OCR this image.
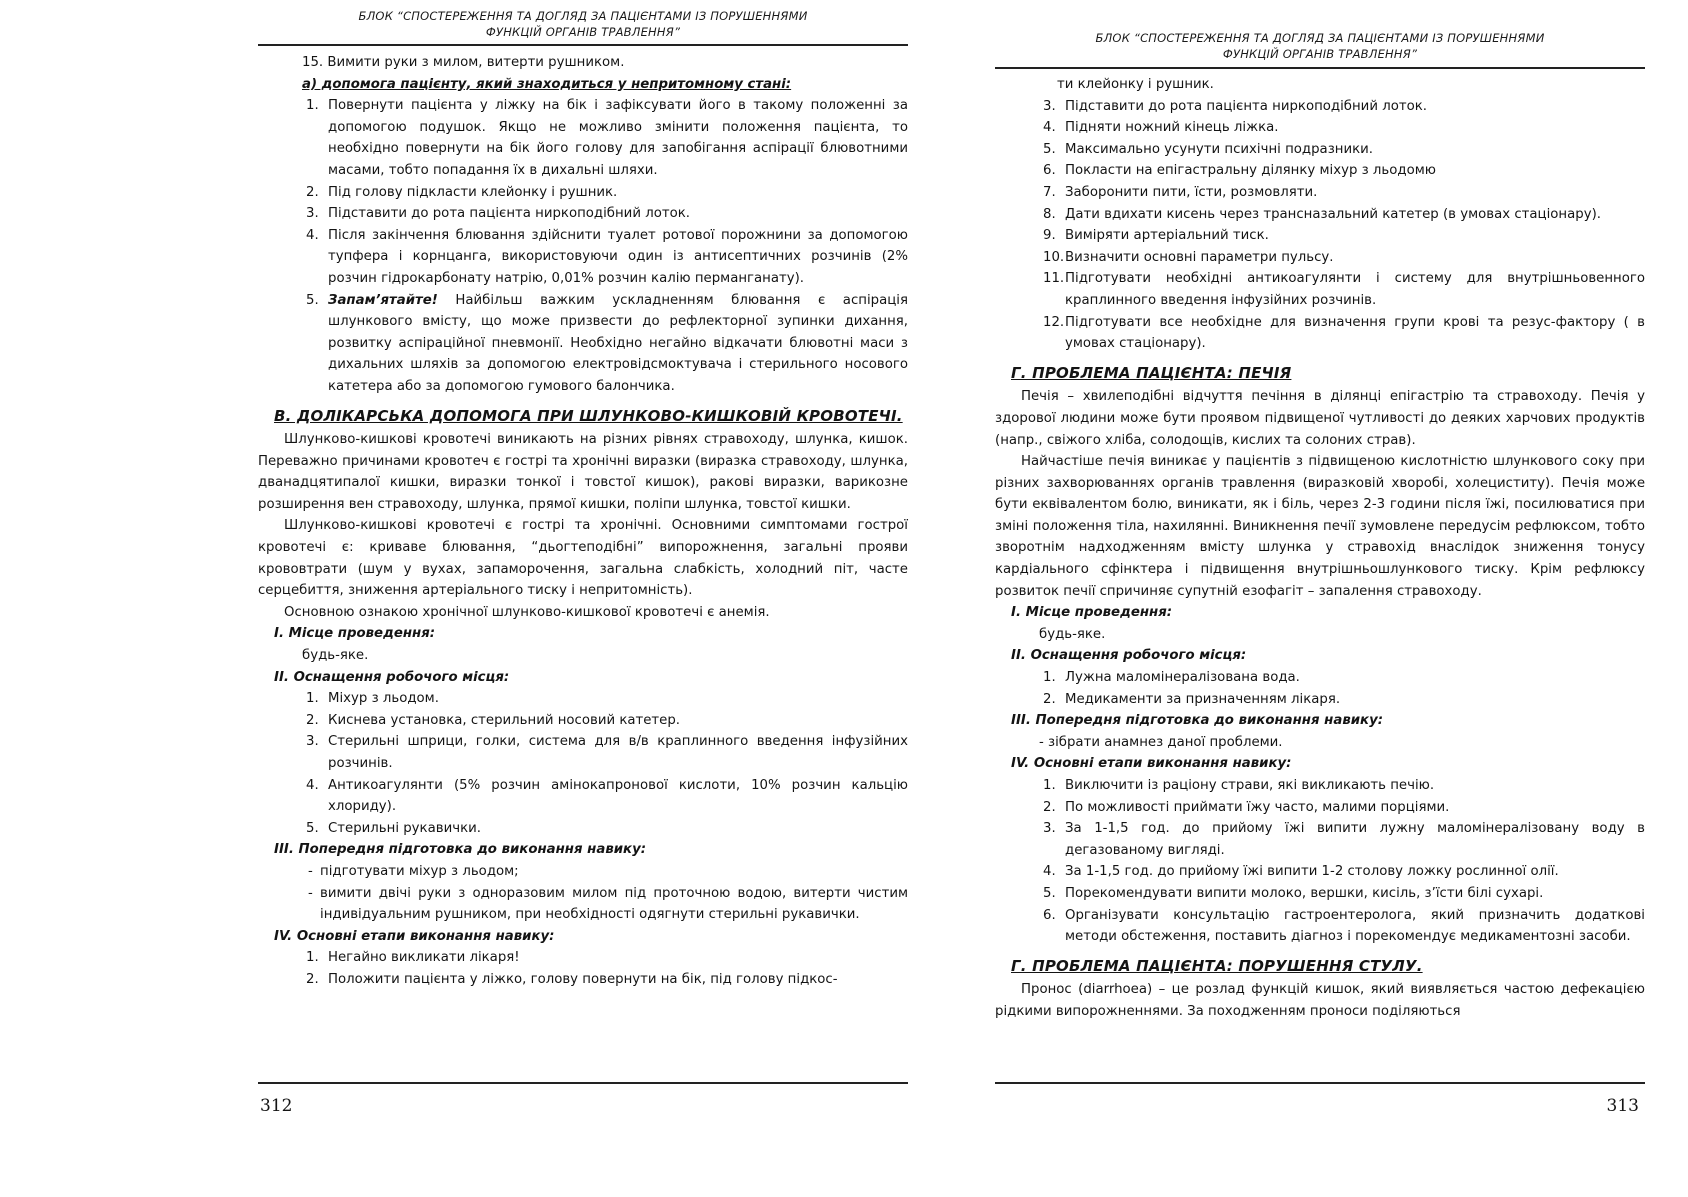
БЛОК “СПОСТЕРЕЖЕННЯ ТА ДОГЛЯД ЗА ПАЦІЄНТАМИ ІЗ ПОРУШЕННЯМИ
ФУНКЦІЙ ОРГАНІВ ТРАВЛЕННЯ”

15. Вимити руки з милом, витерти рушником.

а) допомога пацієнту, який знаходиться у непритомному стані:

1. Повернути пацієнта у ліжку на бік і зафіксувати його в такому положенні за допомогою подушок. Якщо не можливо змінити положення пацієнта, то необхідно повернути на бік його голову для запобігання аспірації блювотними масами, тобто попадання їх в дихальні шляхи.
2. Під голову підкласти клейонку і рушник.
3. Підставити до рота пацієнта ниркоподібний лоток.
4. Після закінчення блювання здійснити туалет ротової порожнини за допомогою тупфера і корнцанга, використовуючи один із антисептичних розчинів (2% розчин гідрокарбонату натрію, 0,01% розчин калію перманганату).
5. Запам’ятайте! Найбільш важким ускладненням блювання є аспірація шлункового вмісту, що може призвести до рефлекторної зупинки дихання, розвитку аспіраційної пневмонії. Необхідно негайно відкачати блювотні маси з дихальних шляхів за допомогою електровідсмоктувача і стерильного носового катетера або за допомогою гумового балончика.

В. ДОЛІКАРСЬКА ДОПОМОГА ПРИ ШЛУНКОВО-КИШКОВІЙ КРОВОТЕЧІ.

Шлунково-кишкові кровотечі виникають на різних рівнях стравоходу, шлунка, кишок. Переважно причинами кровотеч є гострі та хронічні виразки (виразка стравоходу, шлунка, дванадцятипалої кишки, виразки тонкої і товстої кишок), ракові виразки, варикозне розширення вен стравоходу, шлунка, прямої кишки, поліпи шлунка, товстої кишки.

Шлунково-кишкові кровотечі є гострі та хронічні. Основними симптомами гострої кровотечі є: криваве блювання, “дьогтеподібні” випорожнення, загальні прояви крововтрати (шум у вухах, запаморочення, загальна слабкість, холодний піт, часте серцебиття, зниження артеріального тиску і непритомність).

Основною ознакою хронічної шлунково-кишкової кровотечі є анемія.

І. Місце проведення:

будь-яке.

ІІ. Оснащення робочого місця:

1. Міхур з льодом.
2. Киснева установка, стерильний носовий катетер.
3. Стерильні шприци, голки, система для в/в краплинного введення інфузійних розчинів.
4. Антикоагулянти (5% розчин амінокапронової кислоти, 10% розчин кальцію хлориду).
5. Стерильні рукавички.

ІІІ. Попередня підготовка до виконання навику:

- підготувати міхур з льодом;
- вимити двічі руки з одноразовим милом під проточною водою, витерти чистим індивідуальним рушником, при необхідності одягнути стерильні рукавички.

IV. Основні етапи виконання навику:

1. Негайно викликати лікаря!
2. Положити пацієнта у ліжко, голову повернути на бік, під голову підкос-
312
БЛОК “СПОСТЕРЕЖЕННЯ ТА ДОГЛЯД ЗА ПАЦІЄНТАМИ ІЗ ПОРУШЕННЯМИ
ФУНКЦІЙ ОРГАНІВ ТРАВЛЕННЯ”

ти клейонку і рушник.

3. Підставити до рота пацієнта ниркоподібний лоток.
4. Підняти ножний кінець ліжка.
5. Максимально усунути психічні подразники.
6. Покласти на епігастральну ділянку міхур з льодомю
7. Заборонити пити, їсти, розмовляти.
8. Дати вдихати кисень через трансназальний катетер (в умовах стаціонару).
9. Виміряти артеріальний тиск.
10. Визначити основні параметри пульсу.
11. Підготувати необхідні антикоагулянти і систему для внутрішньовенного краплинного введення інфузійних розчинів.
12. Підготувати все необхідне для визначення групи крові та резус-фактору ( в умовах стаціонару).

Г. ПРОБЛЕМА ПАЦІЄНТА: ПЕЧІЯ

Печія – хвилеподібні відчуття печіння в ділянці епігастрію та стравоходу. Печія у здорової людини може бути проявом підвищеної чутливості до деяких харчових продуктів (напр., свіжого хліба, солодощів, кислих та солоних страв).

Найчастіше печія виникає у пацієнтів з підвищеною кислотністю шлункового соку при різних захворюваннях органів травлення (виразковій хворобі, холециститу). Печія може бути еквівалентом болю, виникати, як і біль, через 2-3 години після їжі, посилюватися при зміні положення тіла, нахилянні. Виникнення печії зумовлене передусім рефлюксом, тобто зворотнім надходженням вмісту шлунка у стравохід внаслідок зниження тонусу кардіального сфінктера і підвищення внутрішньошлункового тиску. Крім рефлюксу розвиток печії спричиняє супутній езофагіт – запалення стравоходу.

І. Місце проведення:

будь-яке.

ІІ. Оснащення робочого місця:

1. Лужна маломінералізована вода.
2. Медикаменти за призначенням лікаря.

ІІІ. Попередня підготовка до виконання навику:

- зібрати анамнез даної проблеми.

IV. Основні етапи виконання навику:

1. Виключити із раціону страви, які викликають печію.
2. По можливості приймати їжу часто, малими порціями.
3. За 1-1,5 год. до прийому їжі випити лужну маломінералізовану воду в дегазованому вигляді.
4. За 1-1,5 год. до прийому їжі випити 1-2 столову ложку рослинної олії.
5. Порекомендувати випити молоко, вершки, кисіль, з’їсти білі сухарі.
6. Організувати консультацію гастроентеролога, який призначить додаткові методи обстеження, поставить діагноз і порекомендує медикаментозні засоби.

Г. ПРОБЛЕМА ПАЦІЄНТА: ПОРУШЕННЯ СТУЛУ.

Пронос (diarrhoea) – це розлад функцій кишок, який виявляється частою дефекацією рідкими випорожненнями. За походженням проноси поділяються

313
